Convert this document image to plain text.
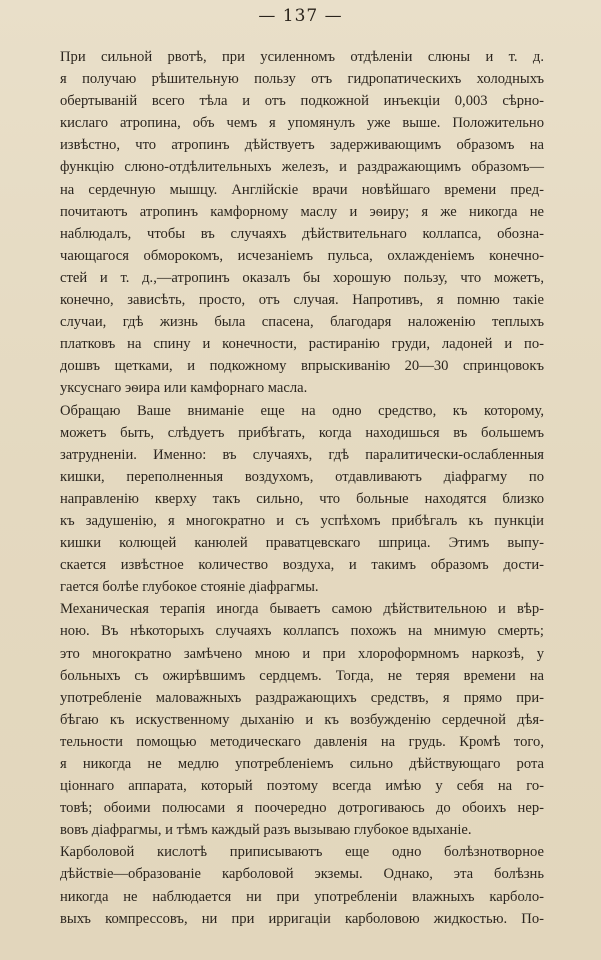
— 137 —
При сильной рвотѣ, при усиленномъ отдѣленіи слюны и т. д.
я получаю рѣшительную пользу отъ гидропатическихъ холодныхъ
обертываній всего тѣла и отъ подкожной инъекціи 0,003 сѣрно-
кислаго атропина, объ чемъ я упомянулъ уже выше. Положительно
извѣстно, что атропинъ дѣйствуетъ задерживающимъ образомъ на
функцію слюно-отдѣлительныхъ железъ, и раздражающимъ образомъ—
на сердечную мышцу. Англійскіе врачи новѣйшаго времени пред-
почитаютъ атропинъ камфорному маслу и эѳиру; я же никогда не
наблюдалъ, чтобы въ случаяхъ дѣйствительнаго коллапса, обозна-
чающагося обморокомъ, исчезаніемъ пульса, охлажденіемъ конечно-
стей и т. д.,—атропинъ оказалъ бы хорошую пользу, что можетъ,
конечно, зависѣть, просто, отъ случая. Напротивъ, я помню такіе
случаи, гдѣ жизнь была спасена, благодаря наложенію теплыхъ
платковъ на спину и конечности, растиранію груди, ладоней и по-
дошвъ щетками, и подкожному впрыскиванію 20—30 спринцовокъ
уксуснаго эѳира или камфорнаго масла.
Обращаю Ваше вниманіе еще на одно средство, къ которому,
можетъ быть, слѣдуетъ прибѣгать, когда находишься въ большемъ
затрудненіи. Именно: въ случаяхъ, гдѣ паралитически-ослабленныя
кишки, переполненныя воздухомъ, отдавливаютъ діафрагму по
направленію кверху такъ сильно, что больные находятся близко
къ задушенію, я многократно и съ успѣхомъ прибѣгалъ къ пункціи
кишки колющей канюлей праватцевскаго шприца. Этимъ выпу-
скается извѣстное количество воздуха, и такимъ образомъ дости-
гается болѣе глубокое стояніе діафрагмы.
Механическая терапія иногда бываетъ самою дѣйствительною и вѣр-
ною. Въ нѣкоторыхъ случаяхъ коллапсъ похожъ на мнимую смерть;
это многократно замѣчено мною и при хлороформномъ наркозѣ, у
больныхъ съ ожирѣвшимъ сердцемъ. Тогда, не теряя времени на
употребленіе маловажныхъ раздражающихъ средствъ, я прямо при-
бѣгаю къ искуственному дыханію и къ возбужденію сердечной дѣя-
тельности помощью методическаго давленія на грудь. Кромѣ того,
я никогда не медлю употребленіемъ сильно дѣйствующаго рота
ціоннаго аппарата, который поэтому всегда имѣю у себя на го-
товѣ; обоими полюсами я поочередно дотрогиваюсь до обоихъ нер-
вовъ діафрагмы, и тѣмъ каждый разъ вызываю глубокое вдыханіе.
Карболовой кислотѣ приписываютъ еще одно болѣзнотворное
дѣйствіе—образованіе карболовой экземы. Однако, эта болѣзнь
никогда не наблюдается ни при употребленіи влажныхъ карболо-
выхъ компрессовъ, ни при ирригаціи карболовою жидкостью. По-
